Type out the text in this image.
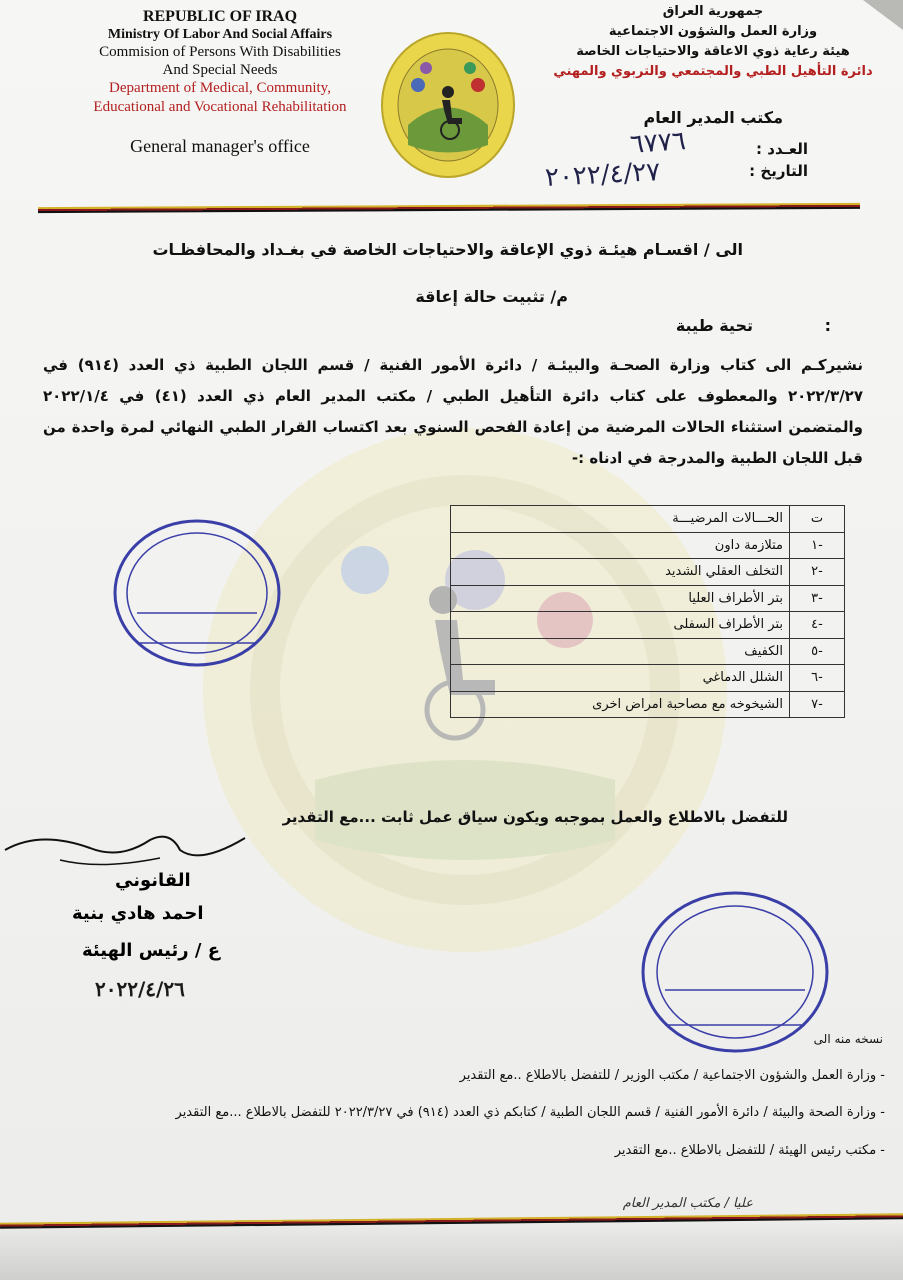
REPUBLIC OF IRAQ
Ministry Of Labor And Social Affairs
Commision of Persons With Disabilities
And Special Needs
Department of Medical, Community,
Educational and Vocational Rehabilitation
General manager's office
جمهورية العراق
وزارة العمل والشؤون الاجتماعية
هيئة رعاية ذوي الاعاقة والاحتياجات الخاصة
دائرة التأهيل الطبي والمجتمعي والتربوي والمهني
مكتب المدير العام
العـدد :
التاريخ :
٦٧٧٦
٢٠٢٢/٤/٢٧
الى / اقسـام هيئـة ذوي الإعاقة والاحتياجات الخاصة في بغـداد والمحافظـات
م/ تثبيت حالة إعاقة
تحية طيبة	:
نشيركـم الى كتاب وزارة الصحـة والبيئـة / دائرة الأمور الفنية / قسم اللجان الطبية ذي العدد (٩١٤) في ٢٠٢٢/٣/٢٧ والمعطوف على كتاب دائرة التأهيل الطبي / مكتب المدير العام ذي العدد (٤١) في ٢٠٢٢/١/٤ والمتضمن استثناء الحالات المرضية من إعادة الفحص السنوي بعد اكتساب القرار الطبي النهائي لمرة واحدة من قبل اللجان الطبية والمدرجة في ادناه :-
ت	الحـــالات المرضيـــة
-١	متلازمة داون
-٢	التخلف العقلي الشديد
-٣	بتر الأطراف العليا
-٤	بتر الأطراف السفلى
-٥	الكفيف
-٦	الشلل الدماغي
-٧	الشيخوخه مع مصاحبة امراض اخرى
للتفضل بالاطلاع والعمل بموجبه ويكون سياق عمل ثابت ...مع التقدير
القانوني
احمد هادي بنية
ع / رئيس الهيئة
٢٠٢٢/٤/٢٦
نسخه منه الى
- وزارة العمل والشؤون الاجتماعية / مكتب الوزير / للتفضل بالاطلاع ..مع التقدير
- وزارة الصحة والبيئة / دائرة الأمور الفنية / قسم اللجان الطبية / كتابكم ذي العدد (٩١٤) في ٢٠٢٢/٣/٢٧ للتفضل بالاطلاع ...مع التقدير
- مكتب رئيس الهيئة / للتفضل بالاطلاع ..مع التقدير
عليا / مكتب المدير العام
